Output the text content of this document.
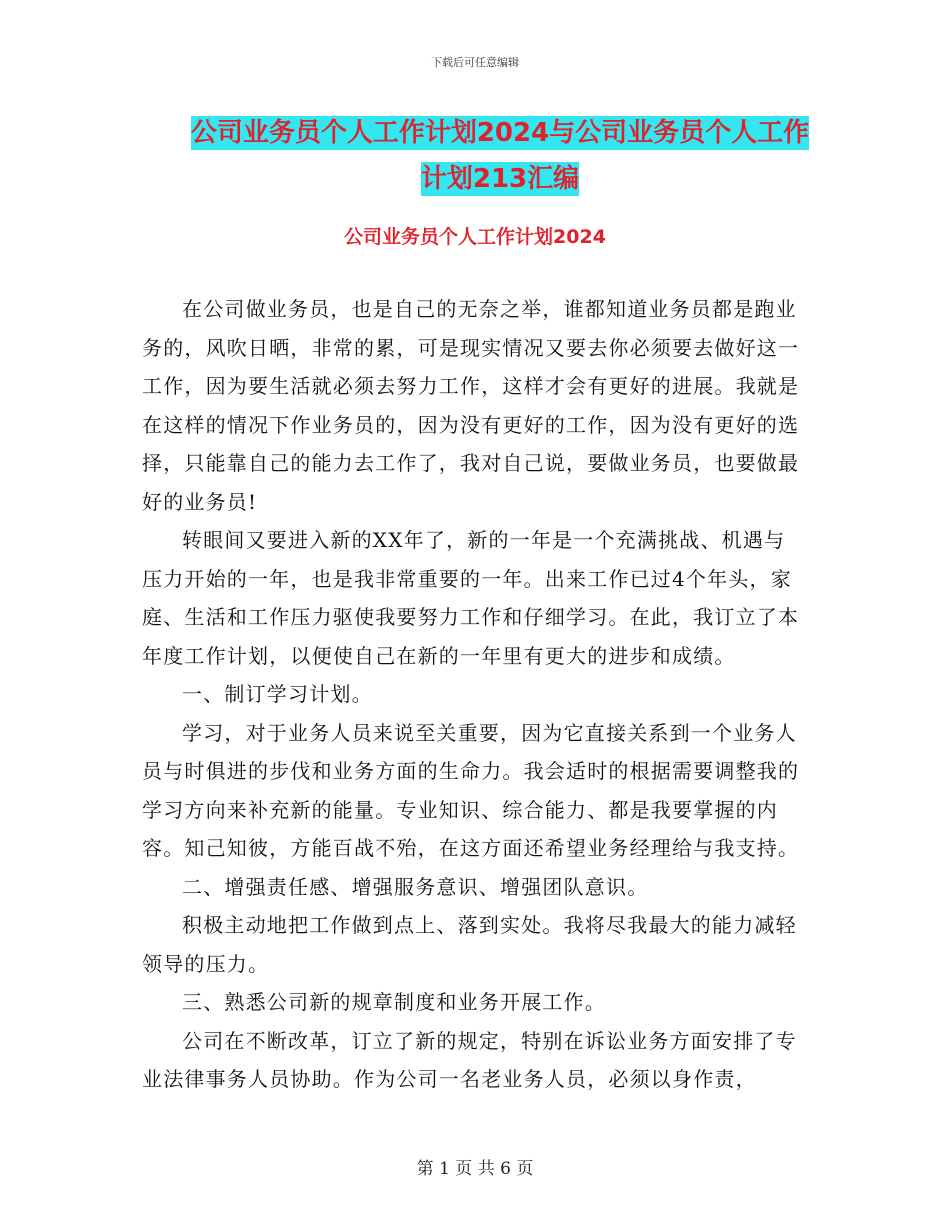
下载后可任意编辑
公司业务员个人工作计划2024与公司业务员个人工作
计划213汇编
公司业务员个人工作计划2024

在公司做业务员，也是自己的无奈之举，谁都知道业务员都是跑业务的，风吹日晒，非常的累，可是现实情况又要去你必须要去做好这一工作，因为要生活就必须去努力工作，这样才会有更好的进展。我就是在这样的情况下作业务员的，因为没有更好的工作，因为没有更好的选择，只能靠自己的能力去工作了，我对自己说，要做业务员，也要做最好的业务员!

转眼间又要进入新的XX年了，新的一年是一个充满挑战、机遇与压力开始的一年，也是我非常重要的一年。出来工作已过4个年头，家庭、生活和工作压力驱使我要努力工作和仔细学习。在此，我订立了本年度工作计划，以便使自己在新的一年里有更大的进步和成绩。

一、制订学习计划。

学习，对于业务人员来说至关重要，因为它直接关系到一个业务人员与时俱进的步伐和业务方面的生命力。我会适时的根据需要调整我的学习方向来补充新的能量。专业知识、综合能力、都是我要掌握的内容。知己知彼，方能百战不殆，在这方面还希望业务经理给与我支持。

二、增强责任感、增强服务意识、增强团队意识。

积极主动地把工作做到点上、落到实处。我将尽我最大的能力减轻领导的压力。

三、熟悉公司新的规章制度和业务开展工作。

公司在不断改革，订立了新的规定，特别在诉讼业务方面安排了专业法律事务人员协助。作为公司一名老业务人员，必须以身作责，

第 1 页 共 6 页
